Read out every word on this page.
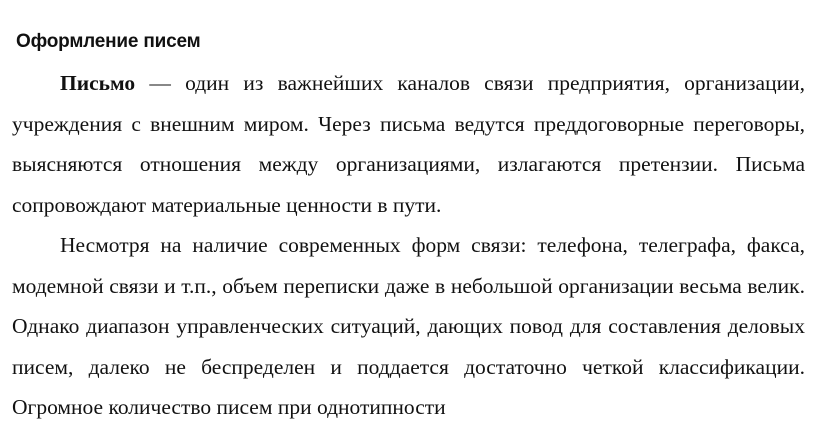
Оформление писем

Письмо — один из важнейших каналов связи предприятия, организации, учреждения с внешним миром. Через письма ведутся преддоговорные переговоры, выясняются отношения между организациями, излагаются претензии. Письма сопровождают материальные ценности в пути.

Несмотря на наличие современных форм связи: телефона, телеграфа, факса, модемной связи и т.п., объем переписки даже в небольшой организации весьма велик. Однако диапазон управленческих ситуаций, дающих повод для составления деловых писем, далеко не беспределен и поддается достаточно четкой классификации. Огромное количество писем при однотипности
